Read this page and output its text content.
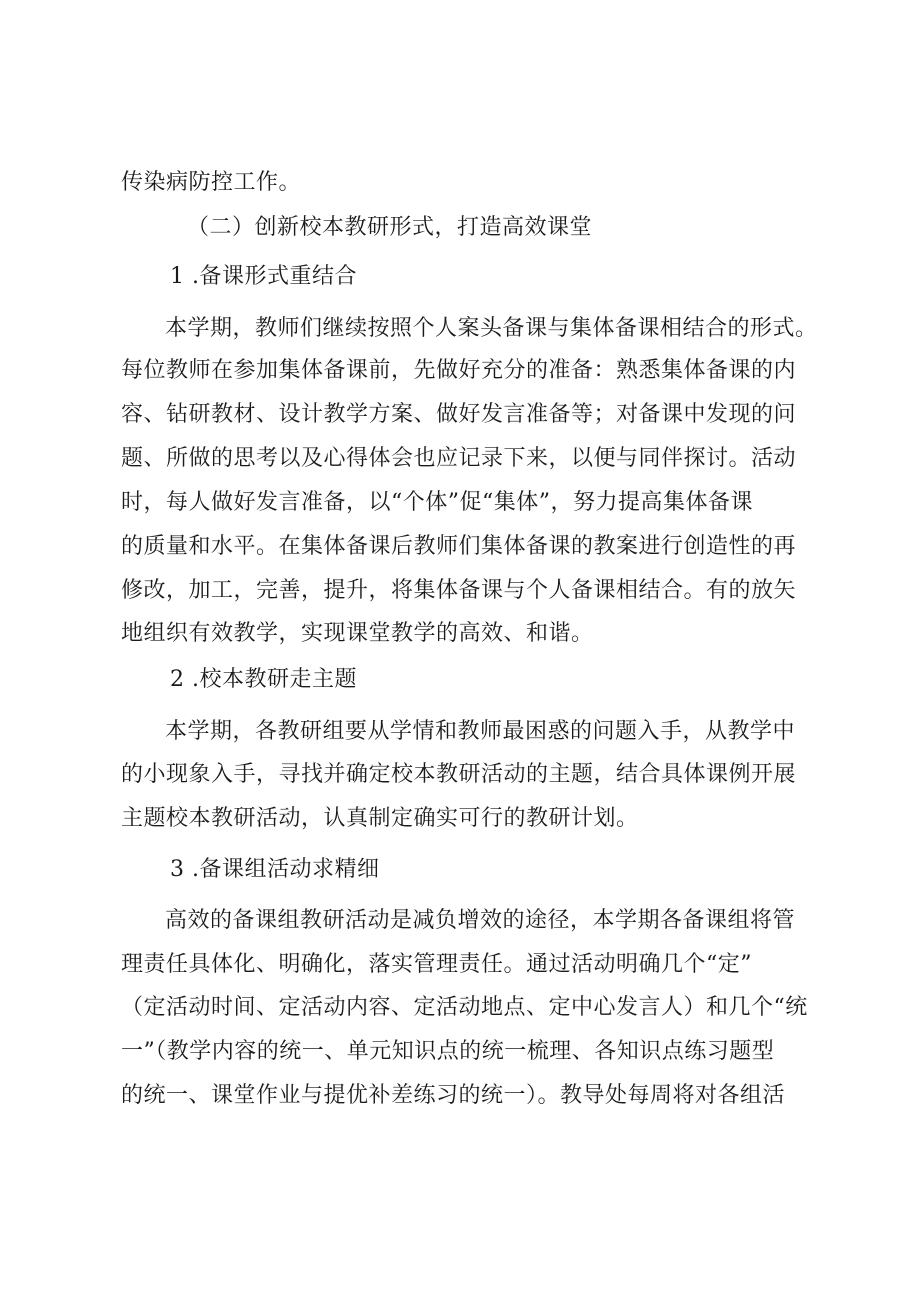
传染病防控工作。
（二）创新校本教研形式，打造高效课堂
1 .备课形式重结合
本学期，教师们继续按照个人案头备课与集体备课相结合的形式。
每位教师在参加集体备课前，先做好充分的准备：熟悉集体备课的内
容、钻研教材、设计教学方案、做好发言准备等；对备课中发现的问
题、所做的思考以及心得体会也应记录下来，以便与同伴探讨。活动
时，每人做好发言准备，以“个体”促“集体”，努力提高集体备课
的质量和水平。在集体备课后教师们集体备课的教案进行创造性的再
修改，加工，完善，提升，将集体备课与个人备课相结合。有的放矢
地组织有效教学，实现课堂教学的高效、和谐。
2 .校本教研走主题
本学期，各教研组要从学情和教师最困惑的问题入手，从教学中
的小现象入手，寻找并确定校本教研活动的主题，结合具体课例开展
主题校本教研活动，认真制定确实可行的教研计划。
3 .备课组活动求精细
高效的备课组教研活动是减负增效的途径，本学期各备课组将管
理责任具体化、明确化，落实管理责任。通过活动明确几个“定”
（定活动时间、定活动内容、定活动地点、定中心发言人）和几个“统
一”（教学内容的统一、单元知识点的统一梳理、各知识点练习题型
的统一、课堂作业与提优补差练习的统一）。教导处每周将对各组活
